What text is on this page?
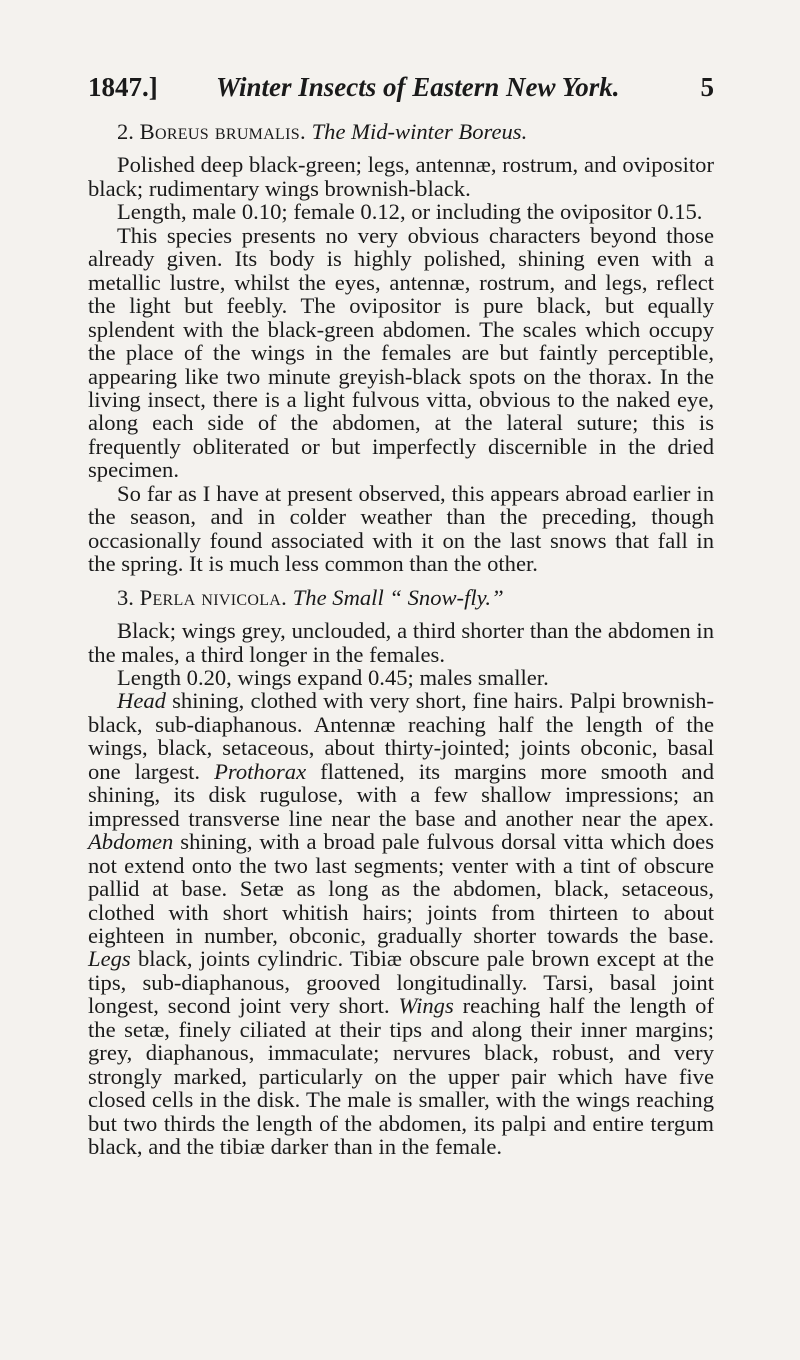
1847.] Winter Insects of Eastern New York.	5
2. Boreus brumalis. The Mid-winter Boreus.

Polished deep black-green; legs, antennæ, rostrum, and ovipositor black; rudimentary wings brownish-black.

Length, male 0.10; female 0.12, or including the ovipositor 0.15.

This species presents no very obvious characters beyond those already given. Its body is highly polished, shining even with a metallic lustre, whilst the eyes, antennæ, rostrum, and legs, reflect the light but feebly. The ovipositor is pure black, but equally splendent with the black-green abdomen. The scales which occupy the place of the wings in the females are but faintly perceptible, appearing like two minute greyish-black spots on the thorax. In the living insect, there is a light fulvous vitta, obvious to the naked eye, along each side of the abdomen, at the lateral suture; this is frequently obliterated or but imperfectly discernible in the dried specimen.

So far as I have at present observed, this appears abroad earlier in the season, and in colder weather than the preceding, though occasionally found associated with it on the last snows that fall in the spring. It is much less common than the other.

3. Perla nivicola. The Small “ Snow-fly.”

Black; wings grey, unclouded, a third shorter than the abdomen in the males, a third longer in the females.

Length 0.20, wings expand 0.45; males smaller.

Head shining, clothed with very short, fine hairs. Palpi brownish-black, sub-diaphanous. Antennæ reaching half the length of the wings, black, setaceous, about thirty-jointed; joints obconic, basal one largest. Prothorax flattened, its margins more smooth and shining, its disk rugulose, with a few shallow impressions; an impressed transverse line near the base and another near the apex. Abdomen shining, with a broad pale fulvous dorsal vitta which does not extend onto the two last segments; venter with a tint of obscure pallid at base. Setæ as long as the abdomen, black, setaceous, clothed with short whitish hairs; joints from thirteen to about eighteen in number, obconic, gradually shorter towards the base. Legs black, joints cylindric. Tibiæ obscure pale brown except at the tips, sub-diaphanous, grooved longitudinally. Tarsi, basal joint longest, second joint very short. Wings reaching half the length of the setæ, finely ciliated at their tips and along their inner margins; grey, diaphanous, immaculate; nervures black, robust, and very strongly marked, particularly on the upper pair which have five closed cells in the disk. The male is smaller, with the wings reaching but two thirds the length of the abdomen, its palpi and entire tergum black, and the tibiæ darker than in the female.
